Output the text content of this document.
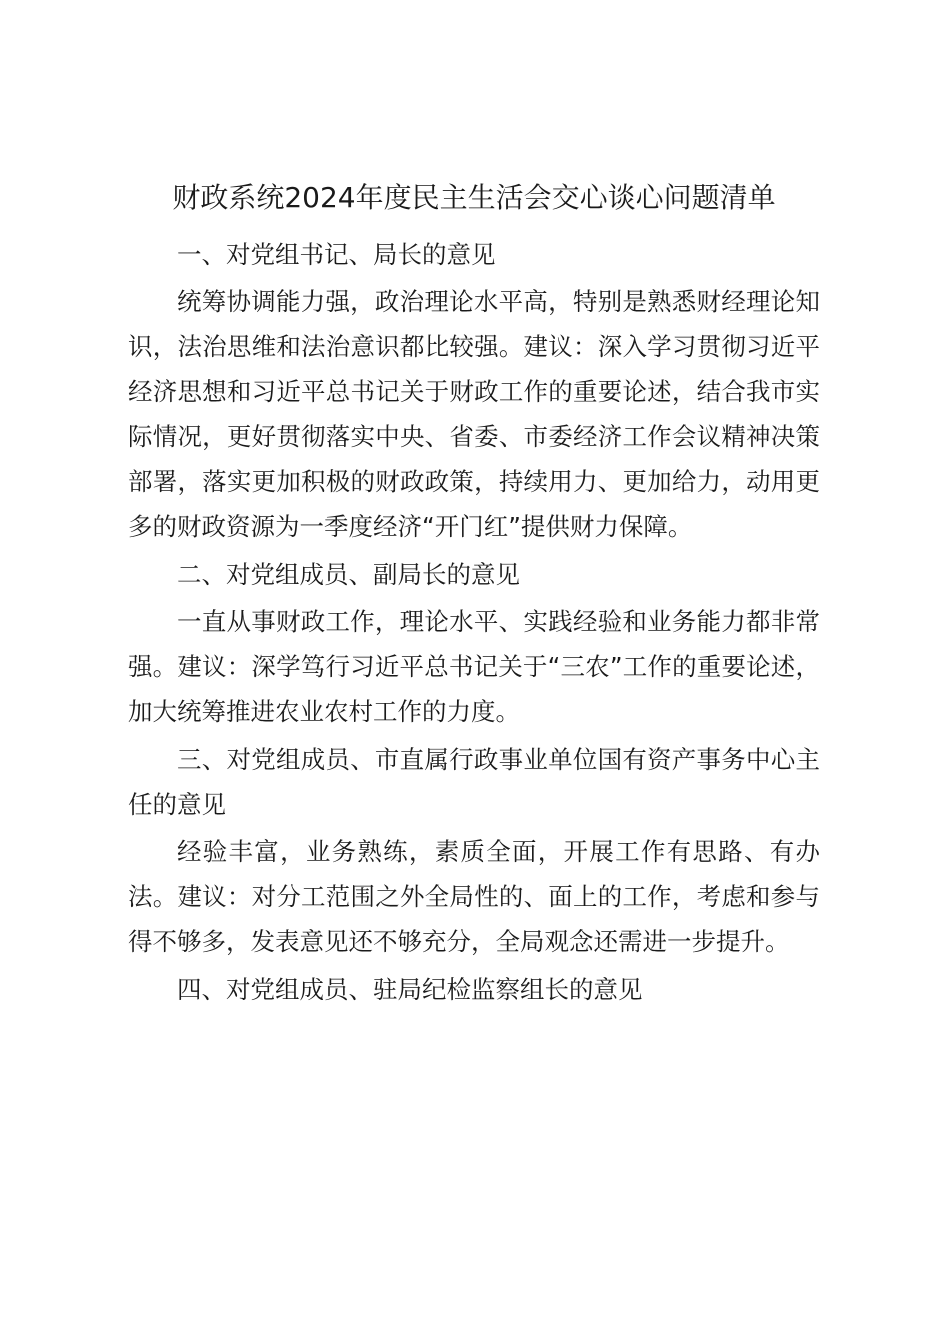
财政系统2024年度民主生活会交心谈心问题清单

一、对党组书记、局长的意见

统筹协调能力强，政治理论水平高，特别是熟悉财经理论知识，法治思维和法治意识都比较强。建议：深入学习贯彻习近平经济思想和习近平总书记关于财政工作的重要论述，结合我市实际情况，更好贯彻落实中央、省委、市委经济工作会议精神决策部署，落实更加积极的财政政策，持续用力、更加给力，动用更多的财政资源为一季度经济“开门红”提供财力保障。

二、对党组成员、副局长的意见

一直从事财政工作，理论水平、实践经验和业务能力都非常强。建议：深学笃行习近平总书记关于“三农”工作的重要论述，加大统筹推进农业农村工作的力度。

三、对党组成员、市直属行政事业单位国有资产事务中心主任的意见

经验丰富，业务熟练，素质全面，开展工作有思路、有办法。建议：对分工范围之外全局性的、面上的工作，考虑和参与得不够多，发表意见还不够充分，全局观念还需进一步提升。

四、对党组成员、驻局纪检监察组长的意见
